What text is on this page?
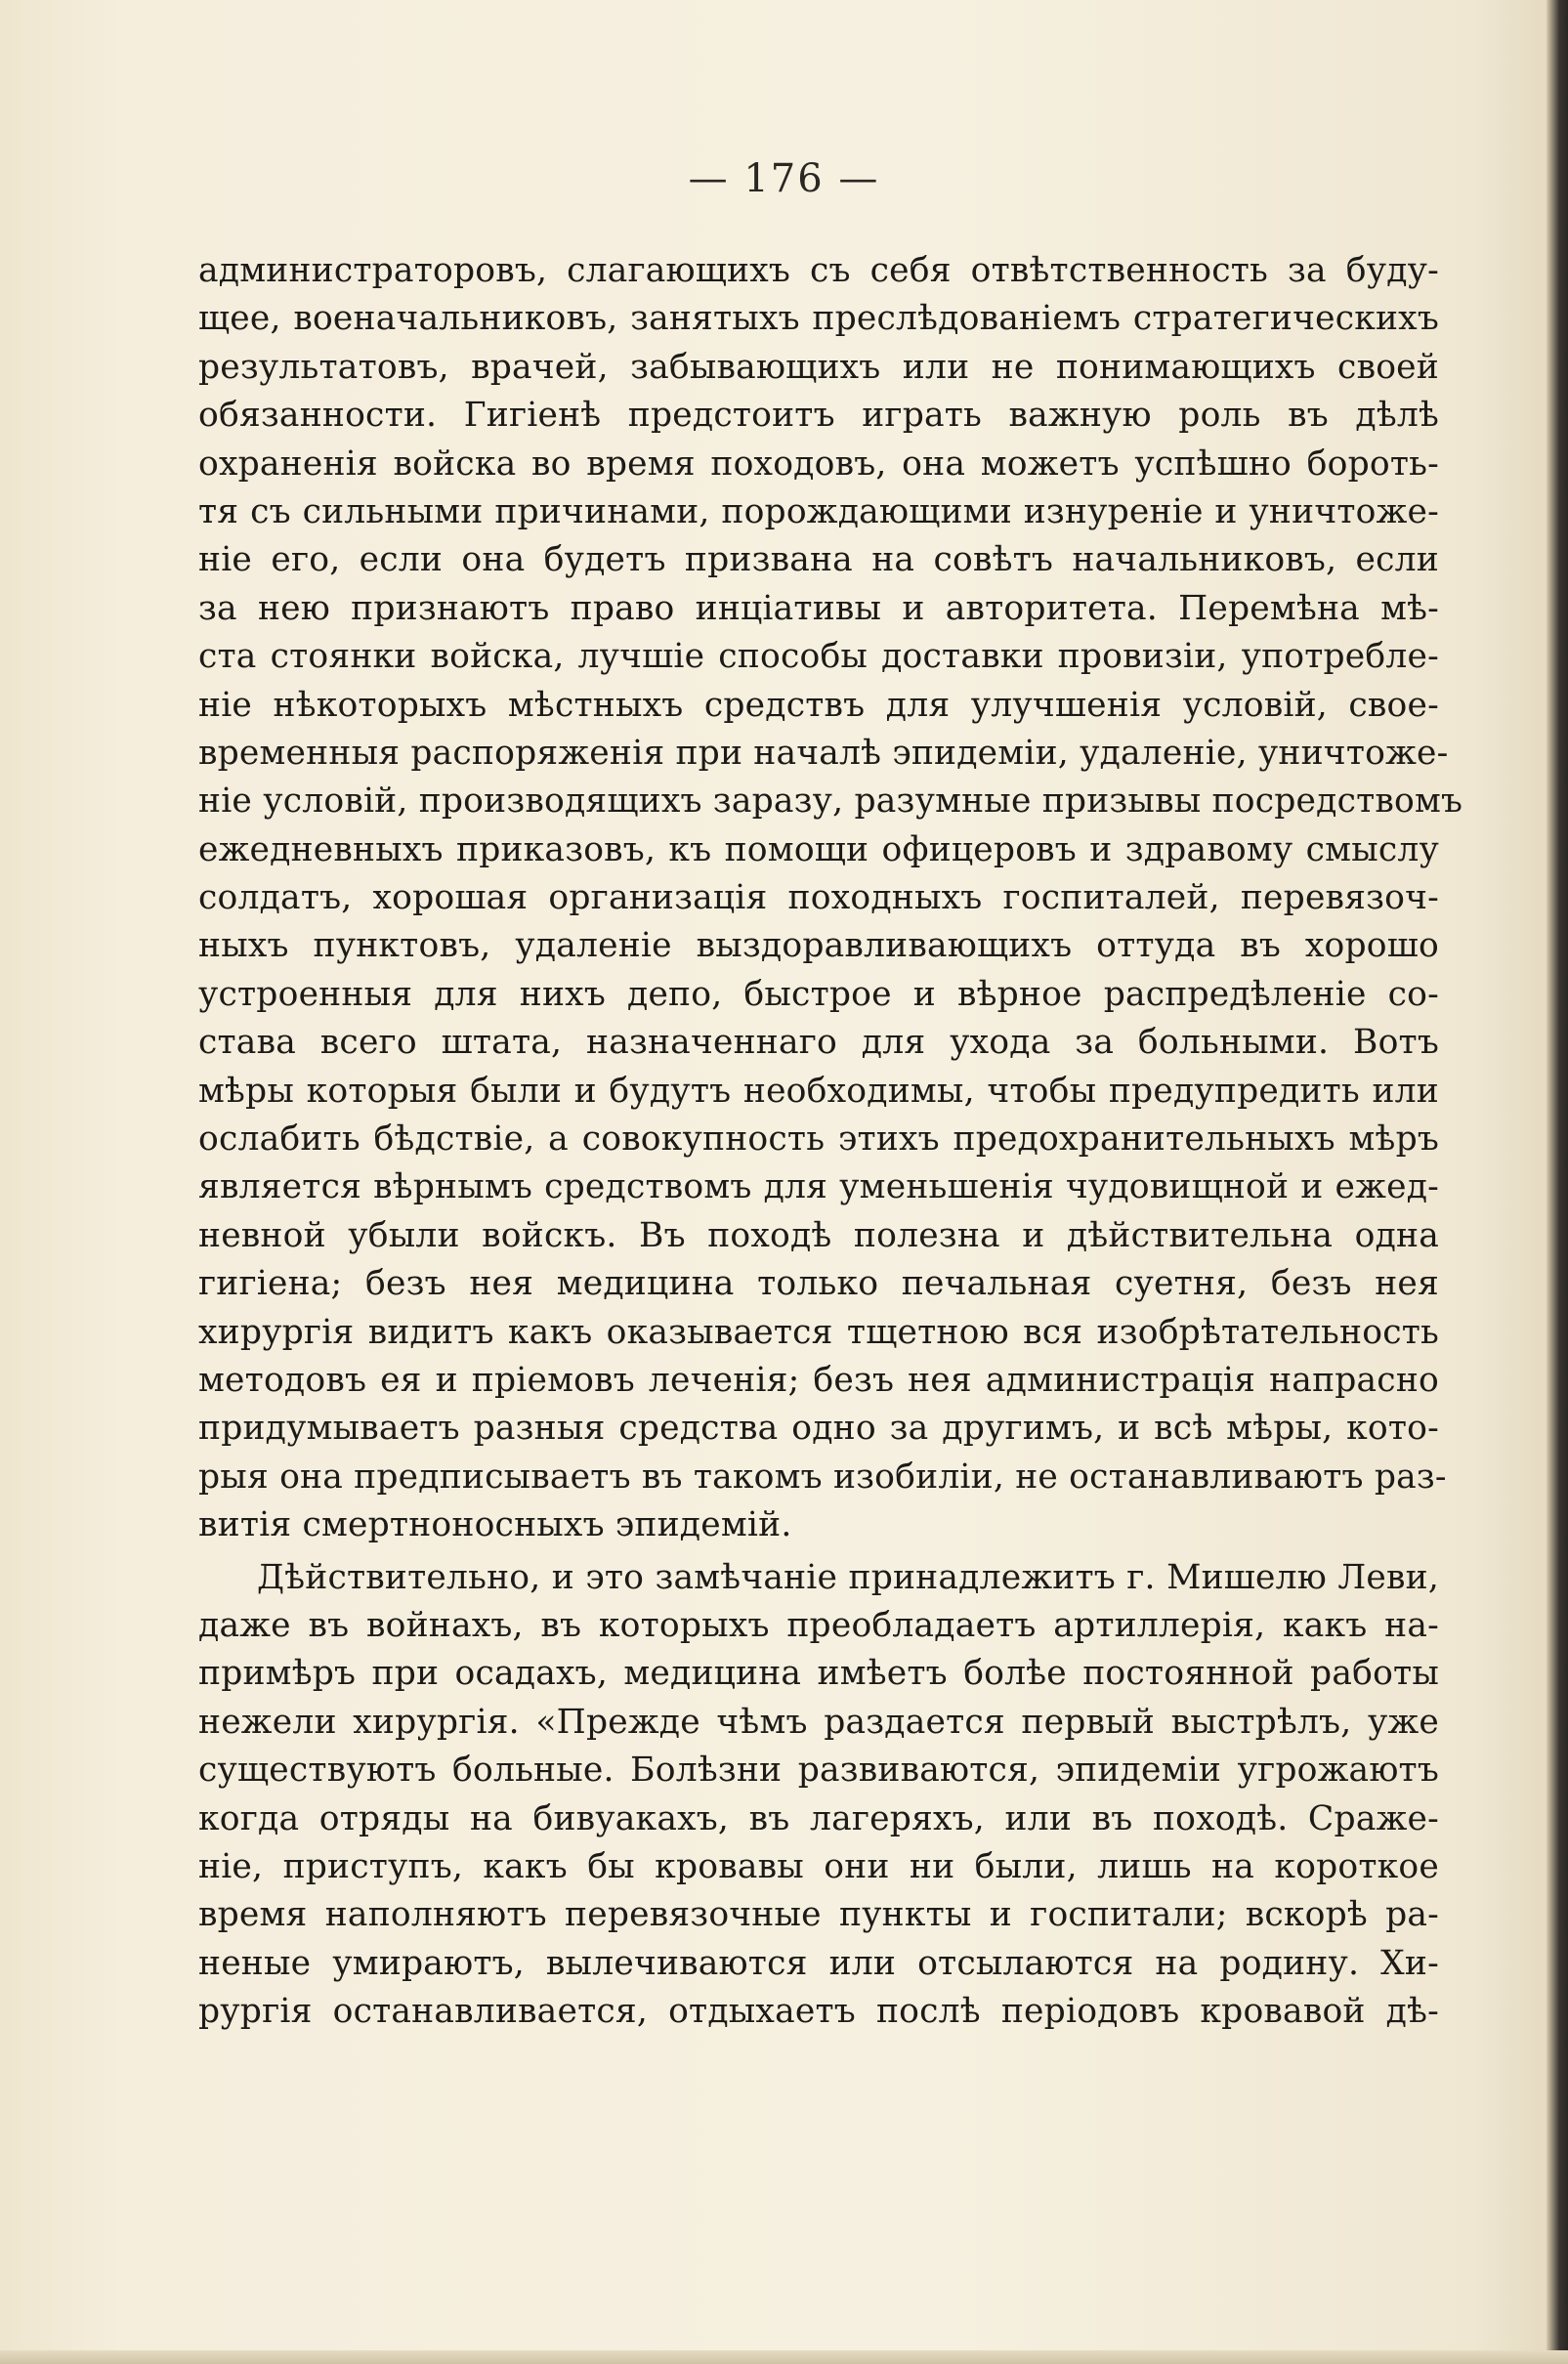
— 176 —
администраторовъ, слагающихъ съ себя отвѣтственность за буду-
щее, военачальниковъ, занятыхъ преслѣдованіемъ стратегическихъ
результатовъ, врачей, забывающихъ или не понимающихъ своей
обязанности. Гигіенѣ предстоитъ играть важную роль въ дѣлѣ
охраненія войска во время походовъ, она можетъ успѣшно бороть-
тя съ сильными причинами, порождающими изнуреніе и уничтоже-
ніе его, если она будетъ призвана на совѣтъ начальниковъ, если
за нею признаютъ право инціативы и авторитета. Перемѣна мѣ-
ста стоянки войска, лучшіе способы доставки провизіи, употребле-
ніе нѣкоторыхъ мѣстныхъ средствъ для улучшенія условій, свое-
временныя распоряженія при началѣ эпидеміи, удаленіе, уничтоже-
ніе условій, производящихъ заразу, разумные призывы посредствомъ
ежедневныхъ приказовъ, къ помощи офицеровъ и здравому смыслу
солдатъ, хорошая организація походныхъ госпиталей, перевязоч-
ныхъ пунктовъ, удаленіе выздоравливающихъ оттуда въ хорошо
устроенныя для нихъ депо, быстрое и вѣрное распредѣленіе со-
става всего штата, назначеннаго для ухода за больными. Вотъ
мѣры которыя были и будутъ необходимы, чтобы предупредить или
ослабить бѣдствіе, а совокупность этихъ предохранительныхъ мѣръ
является вѣрнымъ средствомъ для уменьшенія чудовищной и ежед-
невной убыли войскъ. Въ походѣ полезна и дѣйствительна одна
гигіена; безъ нея медицина только печальная суетня, безъ нея
хирургія видитъ какъ оказывается тщетною вся изобрѣтательность
методовъ ея и пріемовъ леченія; безъ нея администрація напрасно
придумываетъ разныя средства одно за другимъ, и всѣ мѣры, кото-
рыя она предписываетъ въ такомъ изобиліи, не останавливаютъ раз-
витія смертноносныхъ эпидемій.
Дѣйствительно, и это замѣчаніе принадлежитъ г. Мишелю Леви,
даже въ войнахъ, въ которыхъ преобладаетъ артиллерія, какъ на-
примѣръ при осадахъ, медицина имѣетъ болѣе постоянной работы
нежели хирургія. «Прежде чѣмъ раздается первый выстрѣлъ, уже
существуютъ больные. Болѣзни развиваются, эпидеміи угрожаютъ
когда отряды на бивуакахъ, въ лагеряхъ, или въ походѣ. Сраже-
ніе, приступъ, какъ бы кровавы они ни были, лишь на короткое
время наполняютъ перевязочные пункты и госпитали; вскорѣ ра-
неные умираютъ, вылечиваются или отсылаются на родину. Хи-
рургія останавливается, отдыхаетъ послѣ періодовъ кровавой дѣ-
